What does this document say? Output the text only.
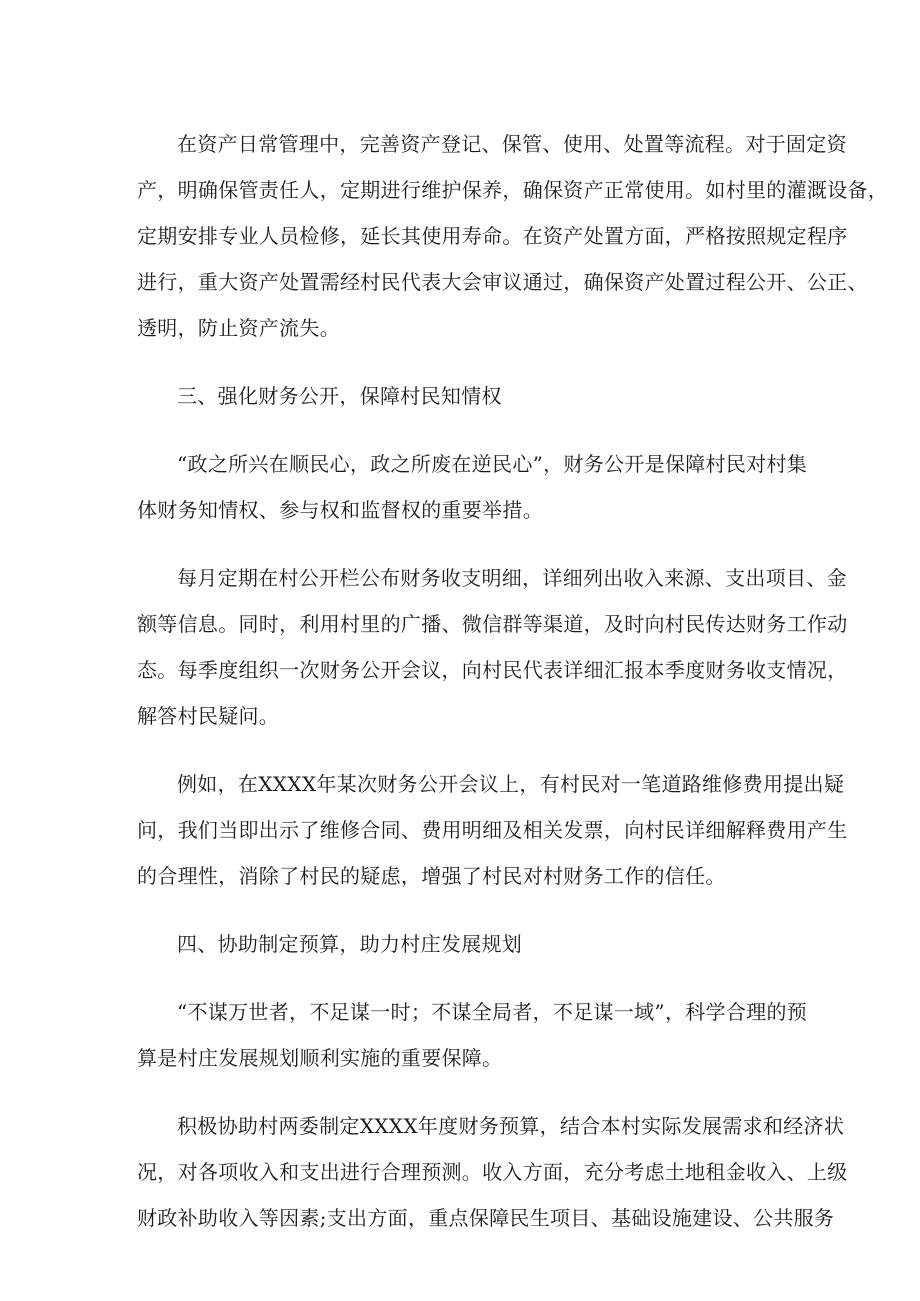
在资产日常管理中，完善资产登记、保管、使用、处置等流程。对于固定资
产，明确保管责任人，定期进行维护保养，确保资产正常使用。如村里的灌溉设备，
定期安排专业人员检修，延长其使用寿命。在资产处置方面，严格按照规定程序
进行，重大资产处置需经村民代表大会审议通过，确保资产处置过程公开、公正、
透明，防止资产流失。

三、强化财务公开，保障村民知情权

“政之所兴在顺民心，政之所废在逆民心”，财务公开是保障村民对村集
体财务知情权、参与权和监督权的重要举措。

每月定期在村公开栏公布财务收支明细，详细列出收入来源、支出项目、金
额等信息。同时，利用村里的广播、微信群等渠道，及时向村民传达财务工作动
态。每季度组织一次财务公开会议，向村民代表详细汇报本季度财务收支情况，
解答村民疑问。

例如，在XXXX年某次财务公开会议上，有村民对一笔道路维修费用提出疑
问，我们当即出示了维修合同、费用明细及相关发票，向村民详细解释费用产生
的合理性，消除了村民的疑虑，增强了村民对村财务工作的信任。

四、协助制定预算，助力村庄发展规划

“不谋万世者，不足谋一时；不谋全局者，不足谋一域”，科学合理的预
算是村庄发展规划顺利实施的重要保障。

积极协助村两委制定XXXX年度财务预算，结合本村实际发展需求和经济状
况，对各项收入和支出进行合理预测。收入方面，充分考虑土地租金收入、上级
财政补助收入等因素;支出方面，重点保障民生项目、基础设施建设、公共服务
